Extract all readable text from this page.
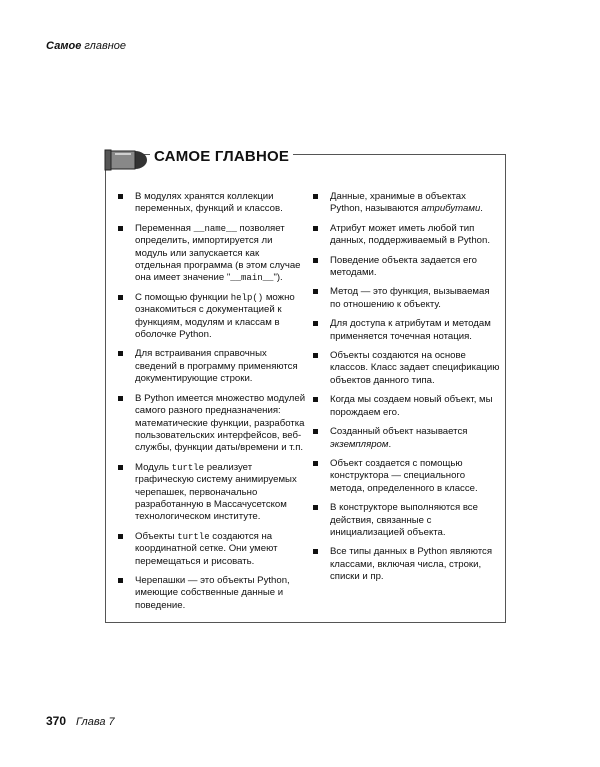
Самое главное
САМОЕ ГЛАВНОЕ
В модулях хранятся коллекции переменных, функций и классов.
Переменная __name__ позволяет определить, импортируется ли модуль или запускается как отдельная программа (в этом случае она имеет значение "__main__").
С помощью функции help() можно ознакомиться с документацией к функциям, модулям и классам в оболочке Python.
Для встраивания справочных сведений в программу применяются документирующие строки.
В Python имеется множество модулей самого разного предназначения: математические функции, разработка пользовательских интерфейсов, веб-службы, функции даты/времени и т.п.
Модуль turtle реализует графическую систему анимируемых черепашек, первоначально разработанную в Массачусетском технологическом институте.
Объекты turtle создаются на координатной сетке. Они умеют перемещаться и рисовать.
Черепашки — это объекты Python, имеющие собственные данные и поведение.
Данные, хранимые в объектах Python, называются атрибутами.
Атрибут может иметь любой тип данных, поддерживаемый в Python.
Поведение объекта задается его методами.
Метод — это функция, вызываемая по отношению к объекту.
Для доступа к атрибутам и методам применяется точечная нотация.
Объекты создаются на основе классов. Класс задает спецификацию объектов данного типа.
Когда мы создаем новый объект, мы порождаем его.
Созданный объект называется экземпляром.
Объект создается с помощью конструктора — специального метода, определенного в классе.
В конструкторе выполняются все действия, связанные с инициализацией объекта.
Все типы данных в Python являются классами, включая числа, строки, списки и пр.
370 Глава 7
